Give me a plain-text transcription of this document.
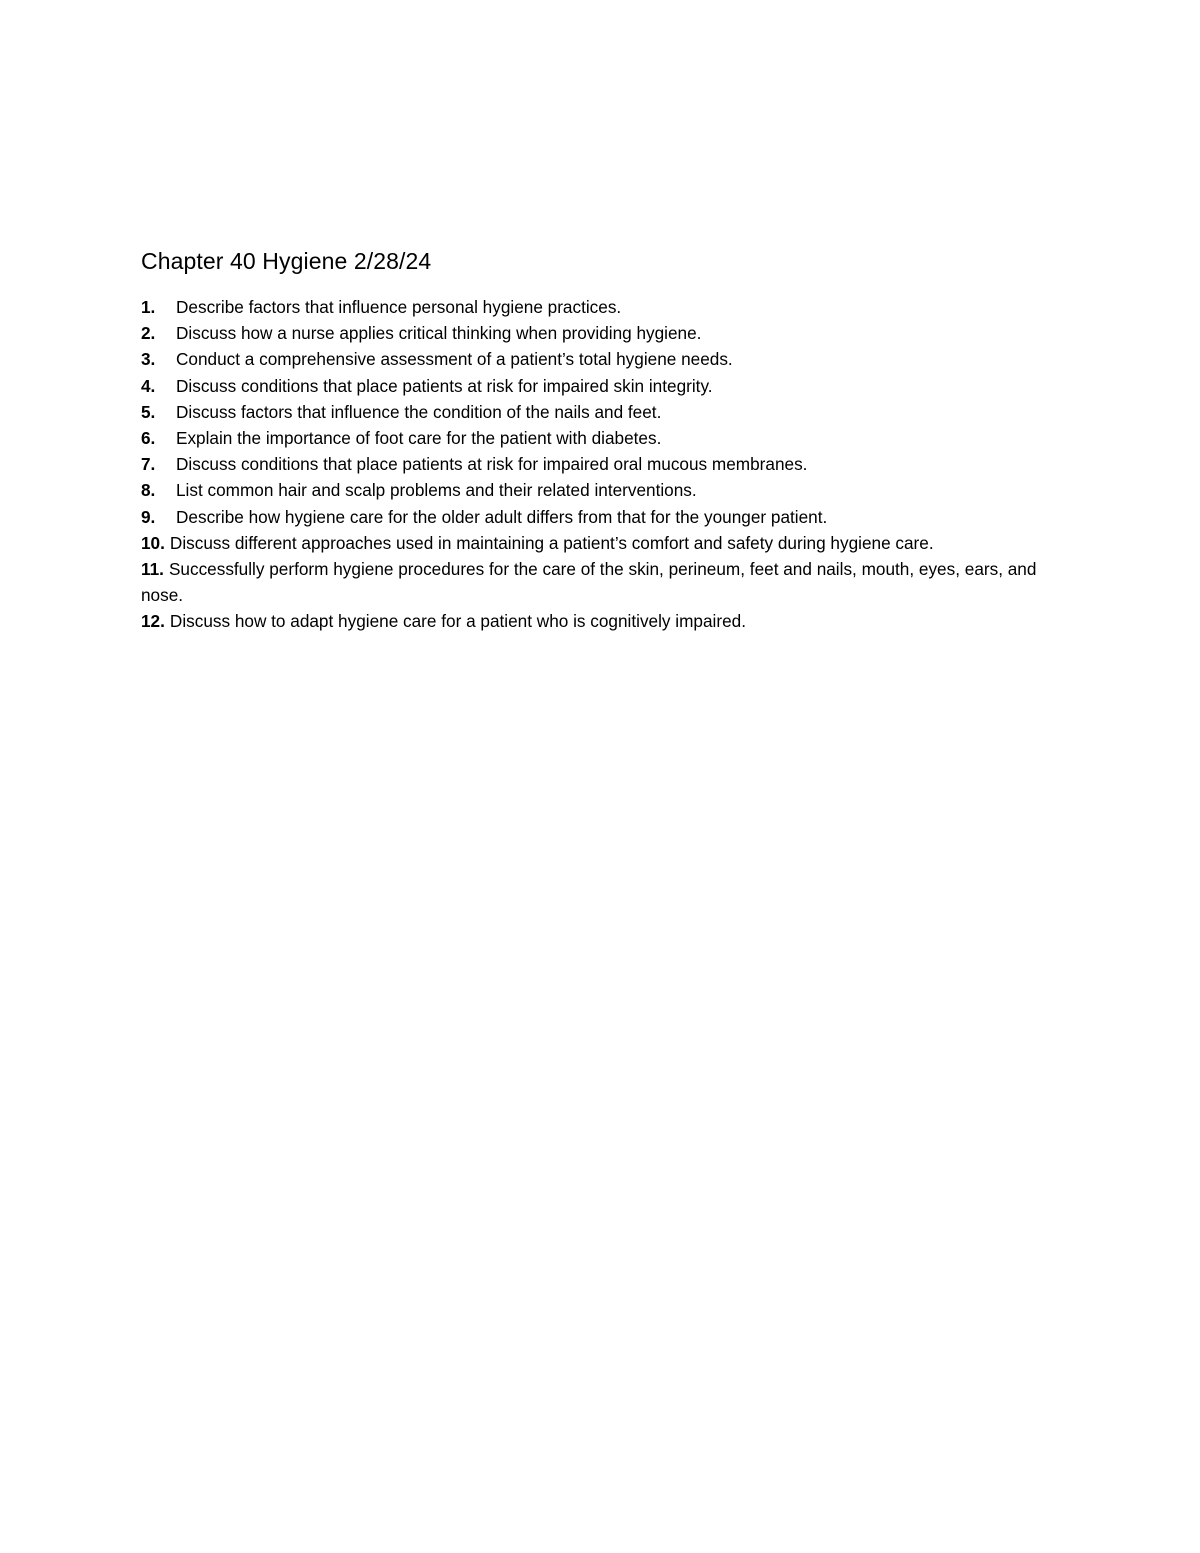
Chapter 40 Hygiene 2/28/24
1. Describe factors that influence personal hygiene practices.
2. Discuss how a nurse applies critical thinking when providing hygiene.
3. Conduct a comprehensive assessment of a patient’s total hygiene needs.
4. Discuss conditions that place patients at risk for impaired skin integrity.
5. Discuss factors that influence the condition of the nails and feet.
6. Explain the importance of foot care for the patient with diabetes.
7. Discuss conditions that place patients at risk for impaired oral mucous membranes.
8. List common hair and scalp problems and their related interventions.
9. Describe how hygiene care for the older adult differs from that for the younger patient.
10. Discuss different approaches used in maintaining a patient’s comfort and safety during hygiene care.
11. Successfully perform hygiene procedures for the care of the skin, perineum, feet and nails, mouth, eyes, ears, and nose.
12. Discuss how to adapt hygiene care for a patient who is cognitively impaired.
